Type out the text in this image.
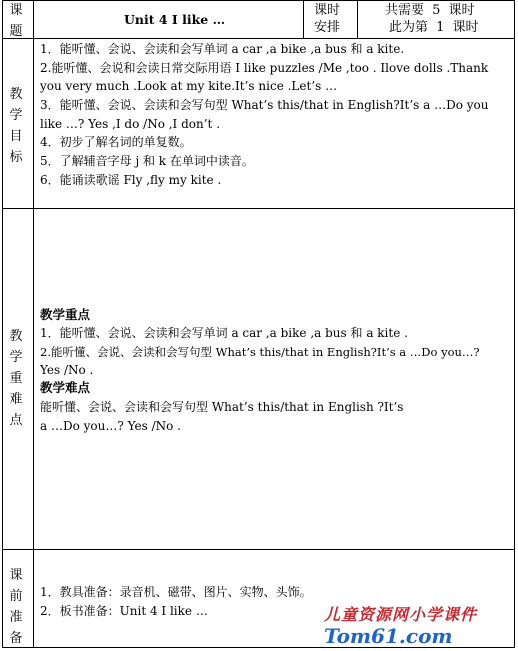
课题
Unit 4 I like …
课时
安排
共需要 5 课时
此为第 1 课时
教学目标
1．能听懂、会说、会读和会写单词 a car ,a bike ,a bus 和 a kite.
2.能听懂、会说和会读日常交际用语 I like puzzles /Me ,too . Ilove dolls .Thank
you very much .Look at my kite.It’s nice .Let’s …
3．能听懂、会说、会读和会写句型 What’s this/that in English?It’s a …Do you
like …? Yes ,I do /No ,I don’t .
4．初步了解名词的单复数。
5．了解辅音字母 j 和 k 在单词中读音。
6．能诵读歌谣 Fly ,fly my kite .
教学重难点
教学重点
1．能听懂、会说、会读和会写单词 a car ,a bike ,a bus 和 a kite .
2.能听懂、会说、会读和会写句型 What’s this/that in English?It’s a …Do you…?
Yes /No .
教学难点
能听懂、会说、会读和会写句型 What’s this/that in English ?It’s
a …Do you…? Yes /No .
课前准备
1．教具准备：录音机、磁带、图片、实物、头饰。
2．板书准备：Unit 4 I like …	儿童资源网小学课件
Tom61.com
